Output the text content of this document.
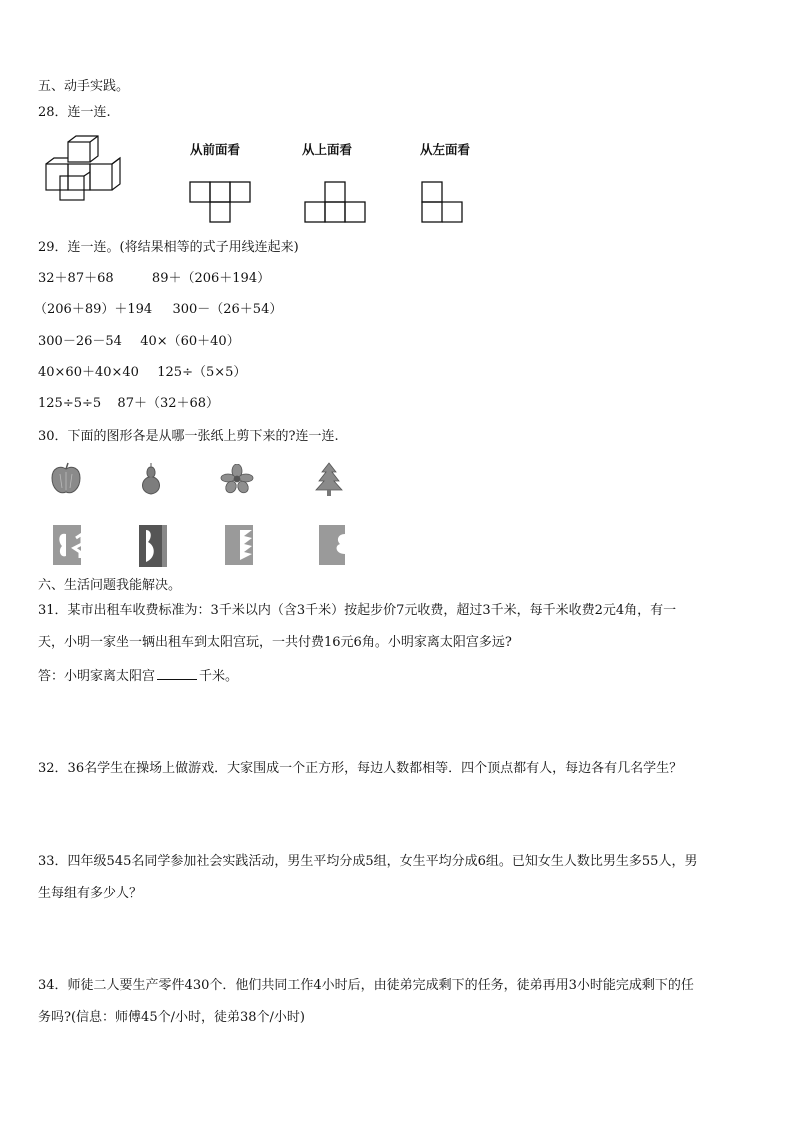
五、动手实践。
28．连一连.
从前面看	从上面看	从左面看
29．连一连。(将结果相等的式子用线连起来)
32＋87＋68	89＋（206＋194）
（206＋89）＋194 300－（26＋54）
300－26－54 40×（60＋40）
40×60＋40×40 125÷（5×5）
125÷5÷5 87＋（32＋68）
30．下面的图形各是从哪一张纸上剪下来的?连一连.
六、生活问题我能解决。
31．某市出租车收费标准为：3千米以内（含3千米）按起步价7元收费，超过3千米，每千米收费2元4角，有一
天，小明一家坐一辆出租车到太阳宫玩，一共付费16元6角。小明家离太阳宫多远?
答：小明家离太阳宫	千米。
32．36名学生在操场上做游戏．大家围成一个正方形，每边人数都相等．四个顶点都有人，每边各有几名学生？
33．四年级545名同学参加社会实践活动，男生平均分成5组，女生平均分成6组。已知女生人数比男生多55人，男
生每组有多少人？
34．师徒二人要生产零件430个．他们共同工作4小时后，由徒弟完成剩下的任务，徒弟再用3小时能完成剩下的任
务吗?(信息：师傅45个/小时，徒弟38个/小时)
